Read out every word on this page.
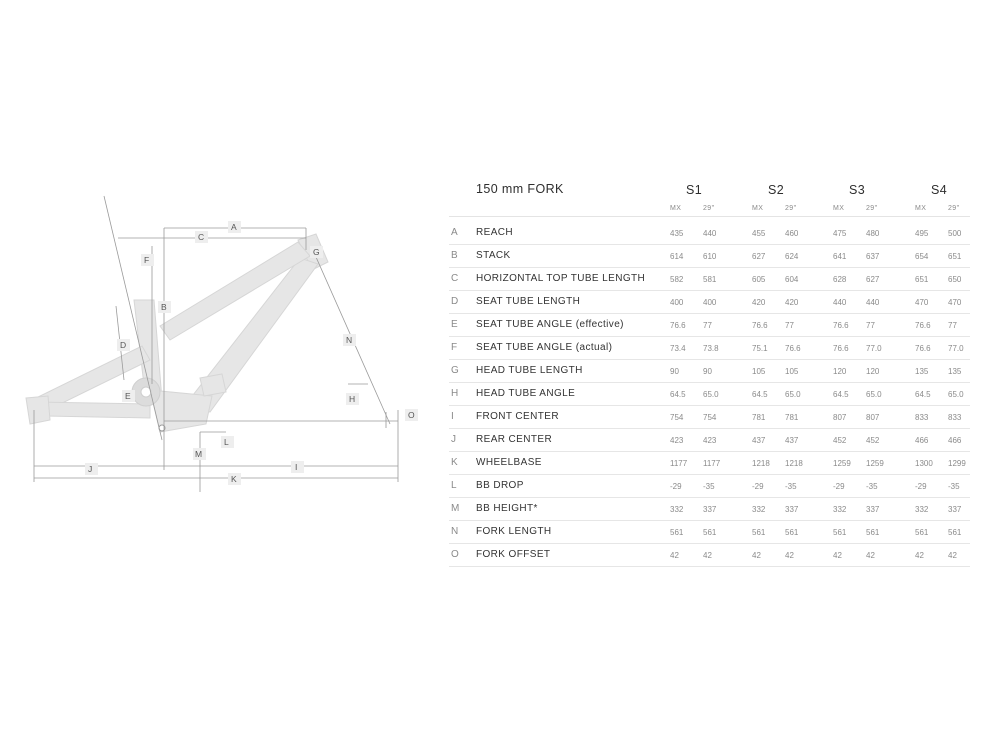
A
B
C
D
E
F
G
H
I
J
K
L
M
N
O
150 mm FORK	S1	S2	S3	S4
MX	29"	MX	29"	MX	29"	MX	29"
A REACH	435 440	455 460	475 480	495 500
B STACK	614 610	627 624	641 637	654 651
C HORIZONTAL TOP TUBE LENGTH	582 581	605 604	628 627	651 650
D SEAT TUBE LENGTH	400 400	420 420	440 440	470 470
E SEAT TUBE ANGLE (effective)	76.6 77	76.6 77	76.6 77	76.6 77
F SEAT TUBE ANGLE (actual)	73.4 73.8	75.1 76.6	76.6 77.0	76.6 77.0
G HEAD TUBE LENGTH	90	90	105 105	120 120	135 135
H HEAD TUBE ANGLE	64.5 65.0	64.5 65.0	64.5 65.0	64.5 65.0
I FRONT CENTER	754 754	781 781	807 807	833 833
J REAR CENTER	423 423	437 437	452 452	466 466
K WHEELBASE	1177 1177	1218 1218	1259 1259	1300 1299
L BB DROP	-29	-35	-29	-35	-29	-35	-29	-35
M BB HEIGHT*	332 337	332 337	332 337	332 337
N FORK LENGTH	561 561	561 561	561 561	561 561
O FORK OFFSET	42	42	42	42	42	42	42	42
